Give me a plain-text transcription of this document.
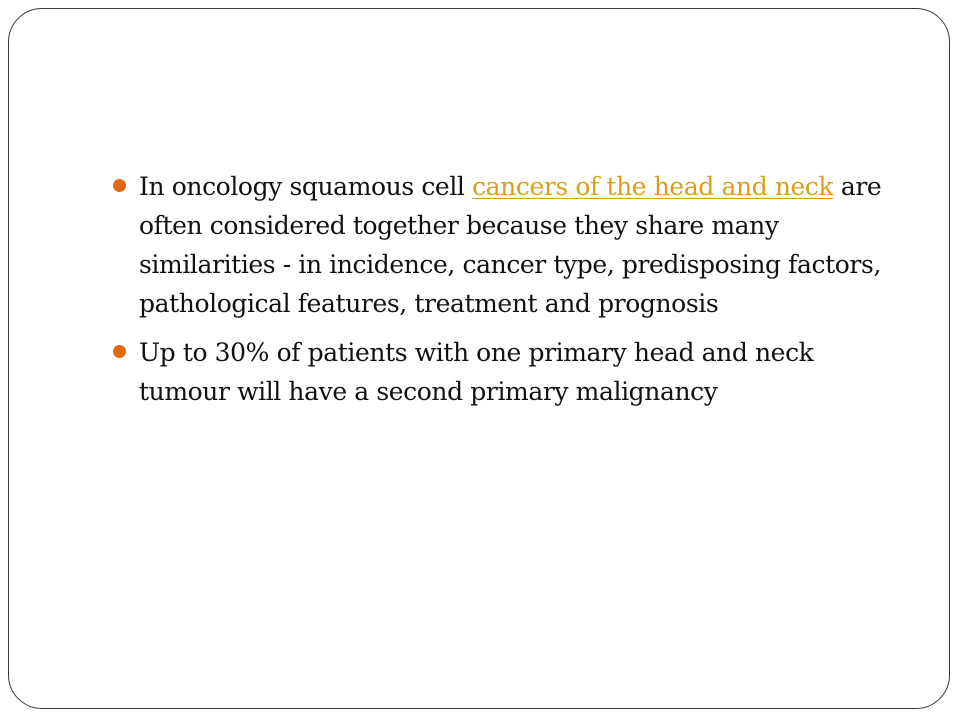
In oncology squamous cell cancers of the head and neck are often considered together because they share many similarities - in incidence, cancer type, predisposing factors, pathological features, treatment and prognosis
Up to 30% of patients with one primary head and neck tumour will have a second primary malignancy
